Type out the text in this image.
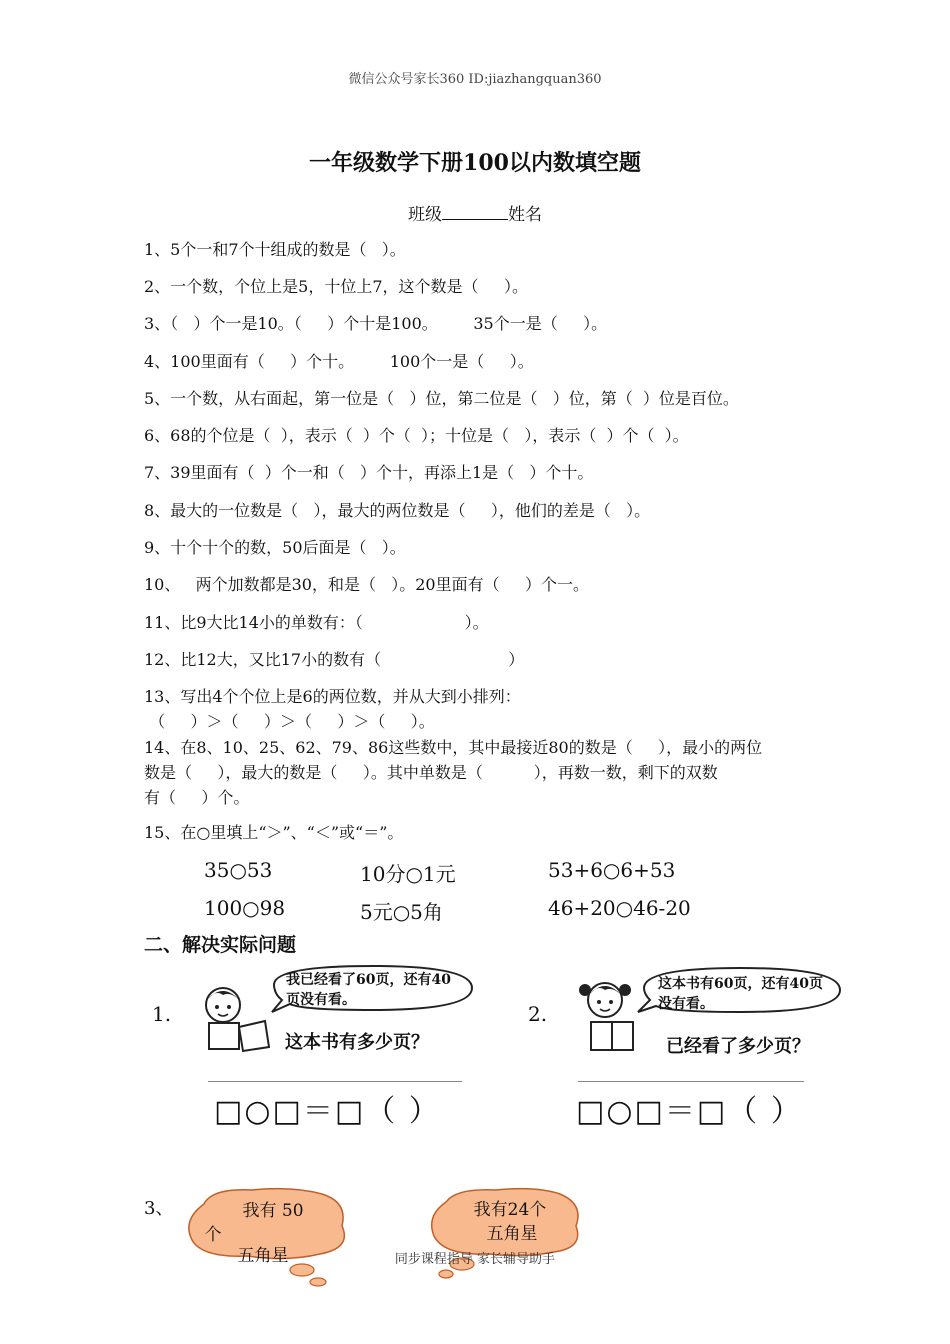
微信公众号家长360 ID:jiazhangquan360
一年级数学下册100以内数填空题
班级	姓名
1、5个一和7个十组成的数是（   ）。
2、一个数，个位上是5，十位上7，这个数是（     ）。
3、（   ）个一是10。（     ）个十是100。       35个一是（     ）。
4、100里面有（     ）个十。       100个一是（     ）。
5、一个数，从右面起，第一位是（   ）位，第二位是（   ）位，第（  ）位是百位。
6、68的个位是（  ），表示（  ）个（  ）；十位是（   ），表示（  ）个（  ）。
7、39里面有（  ）个一和（   ）个十，再添上1是（   ）个十。
8、最大的一位数是（   ），最大的两位数是（     ），他们的差是（   ）。
9、十个十个的数，50后面是（   ）。
10、   两个加数都是30，和是（   ）。20里面有（     ）个一。
11、比9大比14小的单数有：（                    ）。
12、比12大，又比17小的数有（                         ）
13、写出4个个位上是6的两位数，并从大到小排列：
（     ）＞（     ）＞（     ）＞（     ）。
14、在8、10、25、62、79、86这些数中，其中最接近80的数是（     ），最小的两位
数是（     ），最大的数是（     ）。其中单数是（          ），再数一数，剩下的双数
有（     ）个。
15、在○里填上“＞”、“＜”或“＝”。
35○53	10分○1元	53+6○6+53
100○98	5元○5角	46+20○46-20
二、解决实际问题
1.
我已经看了60页，还有40页没有看。
这本书有多少页？
□○□＝□（ ）
2.
这本书有60页，还有40页没有看。
已经看了多少页？
□○□＝□（ ）
3、	我有 50
个
五角星
我有24个
五角星
同步课程指导 家长辅导助手
